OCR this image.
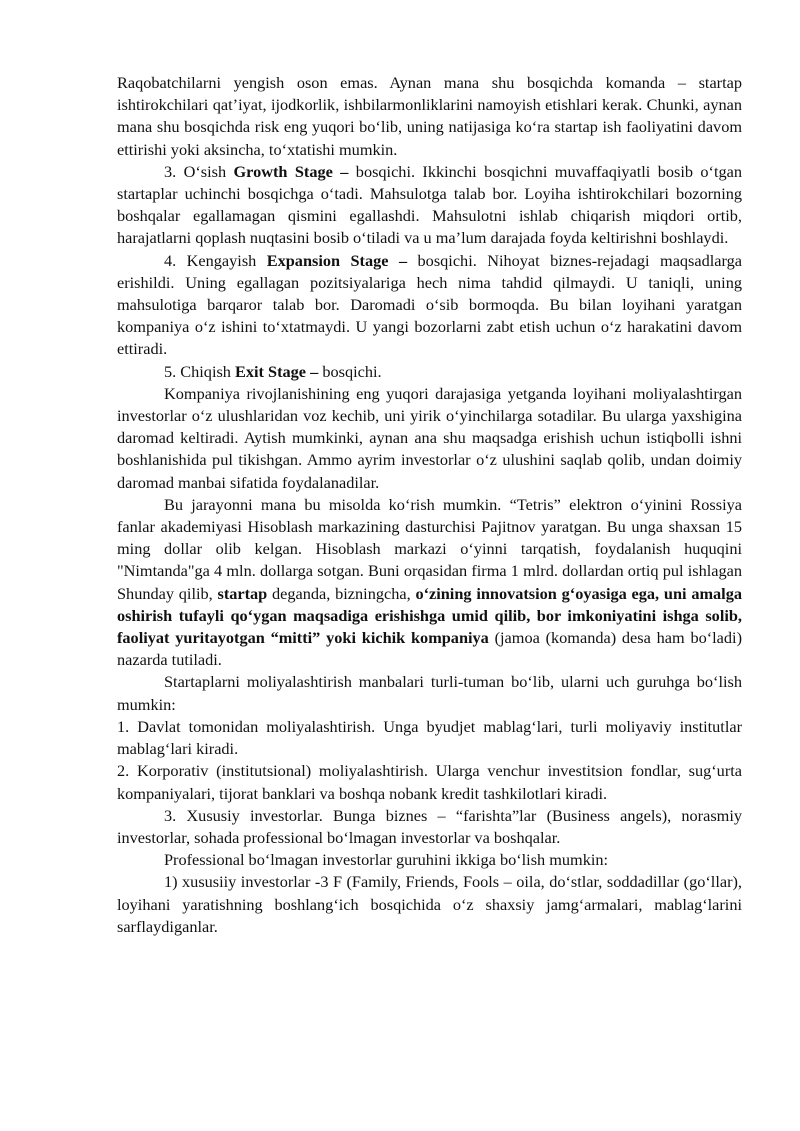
Raqobatchilarni yengish oson emas. Aynan mana shu bosqichda komanda – startap ishtirokchilari qat’iyat, ijodkorlik, ishbilarmonliklarini namoyish etishlari kerak. Chunki, aynan mana shu bosqichda risk eng yuqori bo‘lib, uning natijasiga ko‘ra startap ish faoliyatini davom ettirishi yoki aksincha, to‘xtatishi mumkin.

3. O‘sish Growth Stage – bosqichi. Ikkinchi bosqichni muvaffaqiyatli bosib o‘tgan startaplar uchinchi bosqichga o‘tadi. Mahsulotga talab bor. Loyiha ishtirokchilari bozorning boshqalar egallamagan qismini egallashdi. Mahsulotni ishlab chiqarish miqdori ortib, harajatlarni qoplash nuqtasini bosib o‘tiladi va u ma’lum darajada foyda keltirishni boshlaydi.

4. Kengayish Expansion Stage – bosqichi. Nihoyat biznes-rejadagi maqsadlarga erishildi. Uning egallagan pozitsiyalariga hech nima tahdid qilmaydi. U taniqli, uning mahsulotiga barqaror talab bor. Daromadi o‘sib bormoqda. Bu bilan loyihani yaratgan kompaniya o‘z ishini to‘xtatmaydi. U yangi bozorlarni zabt etish uchun o‘z harakatini davom ettiradi.

5. Chiqish Exit Stage – bosqichi.

Kompaniya rivojlanishining eng yuqori darajasiga yetganda loyihani moliyalashtirgan investorlar o‘z ulushlaridan voz kechib, uni yirik o‘yinchilarga sotadilar. Bu ularga yaxshigina daromad keltiradi. Aytish mumkinki, aynan ana shu maqsadga erishish uchun istiqbolli ishni boshlanishida pul tikishgan. Ammo ayrim investorlar o‘z ulushini saqlab qolib, undan doimiy daromad manbai sifatida foydalanadilar.

Bu jarayonni mana bu misolda ko‘rish mumkin. “Tetris” elektron o‘yinini Rossiya fanlar akademiyasi Hisoblash markazining dasturchisi Pajitnov yaratgan. Bu unga shaxsan 15 ming dollar olib kelgan. Hisoblash markazi o‘yinni tarqatish, foydalanish huquqini "Nimtanda"ga 4 mln. dollarga sotgan. Buni orqasidan firma 1 mlrd. dollardan ortiq pul ishlagan Shunday qilib, startap deganda, bizningcha, o‘zining innovatsion g‘oyasiga ega, uni amalga oshirish tufayli qo‘ygan maqsadiga erishishga umid qilib, bor imkoniyatini ishga solib, faoliyat yuritayotgan “mitti” yoki kichik kompaniya (jamoa (komanda) desa ham bo‘ladi) nazarda tutiladi.

Startaplarni moliyalashtirish manbalari turli-tuman bo‘lib, ularni uch guruhga bo‘lish mumkin:

1. Davlat tomonidan moliyalashtirish. Unga byudjet mablag‘lari, turli moliyaviy institutlar mablag‘lari kiradi.

2. Korporativ (institutsional) moliyalashtirish. Ularga venchur investitsion fondlar, sug‘urta kompaniyalari, tijorat banklari va boshqa nobank kredit tashkilotlari kiradi.

3. Xususiy investorlar. Bunga biznes – “farishta”lar (Business angels), norasmiy investorlar, sohada professional bo‘lmagan investorlar va boshqalar.

Professional bo‘lmagan investorlar guruhini ikkiga bo‘lish mumkin:

1) xususiiy investorlar -3 F (Family, Friends, Fools – oila, do‘stlar, soddadillar (go‘llar), loyihani yaratishning boshlang‘ich bosqichida o‘z shaxsiy jamg‘armalari, mablag‘larini sarflaydiganlar.
